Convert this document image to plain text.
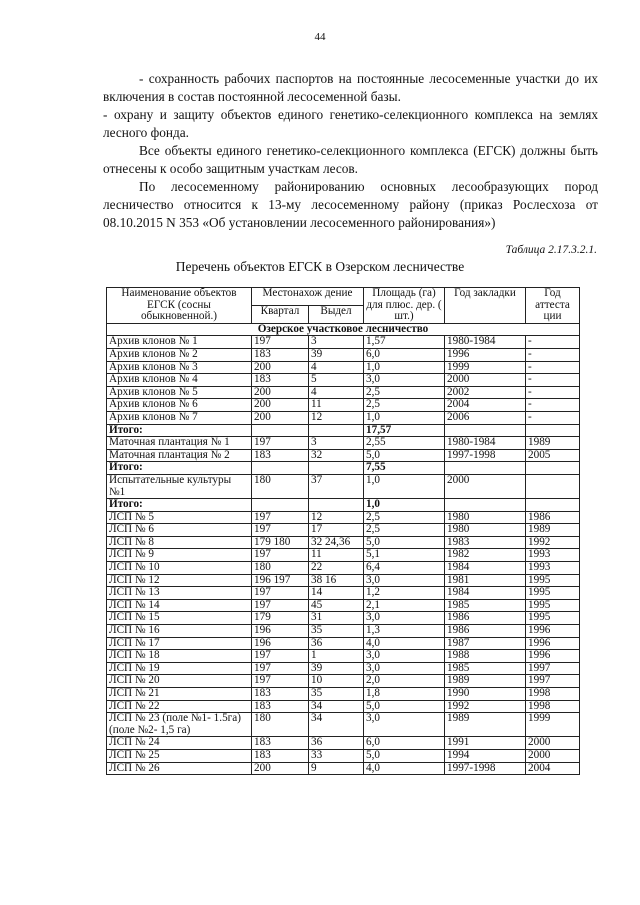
44

- сохранность рабочих паспортов на постоянные лесосеменные участки до их включения в состав постоянной лесосеменной базы.

- охрану и защиту объектов единого генетико-селекционного комплекса на землях лесного фонда.

Все объекты единого генетико-селекционного комплекса (ЕГСК) должны быть отнесены к особо защитным участкам лесов.

По лесосеменному районированию основных лесообразующих пород лесничество относится к 13-му лесосеменному району (приказ Рослесхоза от 08.10.2015 N 353 «Об установлении лесосеменного районирования»)

Таблица 2.17.3.2.1.
Перечень объектов ЕГСК в Озерском лесничестве
Наименование объектов ЕГСК (сосны обыкновенной.)	Местонахож дение		Площадь (га) для плюс. дер. ( шт.)	Год закладки	Год аттеста ции
	Квартал	Выдел			
Озерское участковое лесничество					
Архив клонов № 1	197	3	1,57	1980-1984	-
Архив клонов № 2	183	39	6,0	1996	-
Архив клонов № 3	200	4	1,0	1999	-
Архив клонов № 4	183	5	3,0	2000	-
Архив клонов № 5	200	4	2,5	2002	-
Архив клонов № 6	200	11	2,5	2004	-
Архив клонов № 7	200	12	1,0	2006	-
Итого:			17,57		
Маточная плантация № 1	197	3	2,55	1980-1984	1989
Маточная плантация № 2	183	32	5,0	1997-1998	2005
Итого:			7,55		
Испытательные культуры №1	180	37	1,0	2000	
Итого:			1,0		
ЛСП № 5	197	12	2,5	1980	1986
ЛСП № 6	197	17	2,5	1980	1989
ЛСП № 8	179 180	32 24,36	5,0	1983	1992
ЛСП № 9	197	11	5,1	1982	1993
ЛСП № 10	180	22	6,4	1984	1993
ЛСП № 12	196 197	38 16	3,0	1981	1995
ЛСП № 13	197	14	1,2	1984	1995
ЛСП № 14	197	45	2,1	1985	1995
ЛСП № 15	179	31	3,0	1986	1995
ЛСП № 16	196	35	1,3	1986	1996
ЛСП № 17	196	36	4,0	1987	1996
ЛСП № 18	197	1	3,0	1988	1996
ЛСП № 19	197	39	3,0	1985	1997
ЛСП № 20	197	10	2,0	1989	1997
ЛСП № 21	183	35	1,8	1990	1998
ЛСП № 22	183	34	5,0	1992	1998
ЛСП № 23 (поле №1- 1.5га) (поле №2- 1,5 га)	180	34	3,0	1989	1999
ЛСП № 24	183	36	6,0	1991	2000
ЛСП № 25	183	33	5,0	1994	2000
ЛСП № 26	200	9	4,0	1997-1998	2004
